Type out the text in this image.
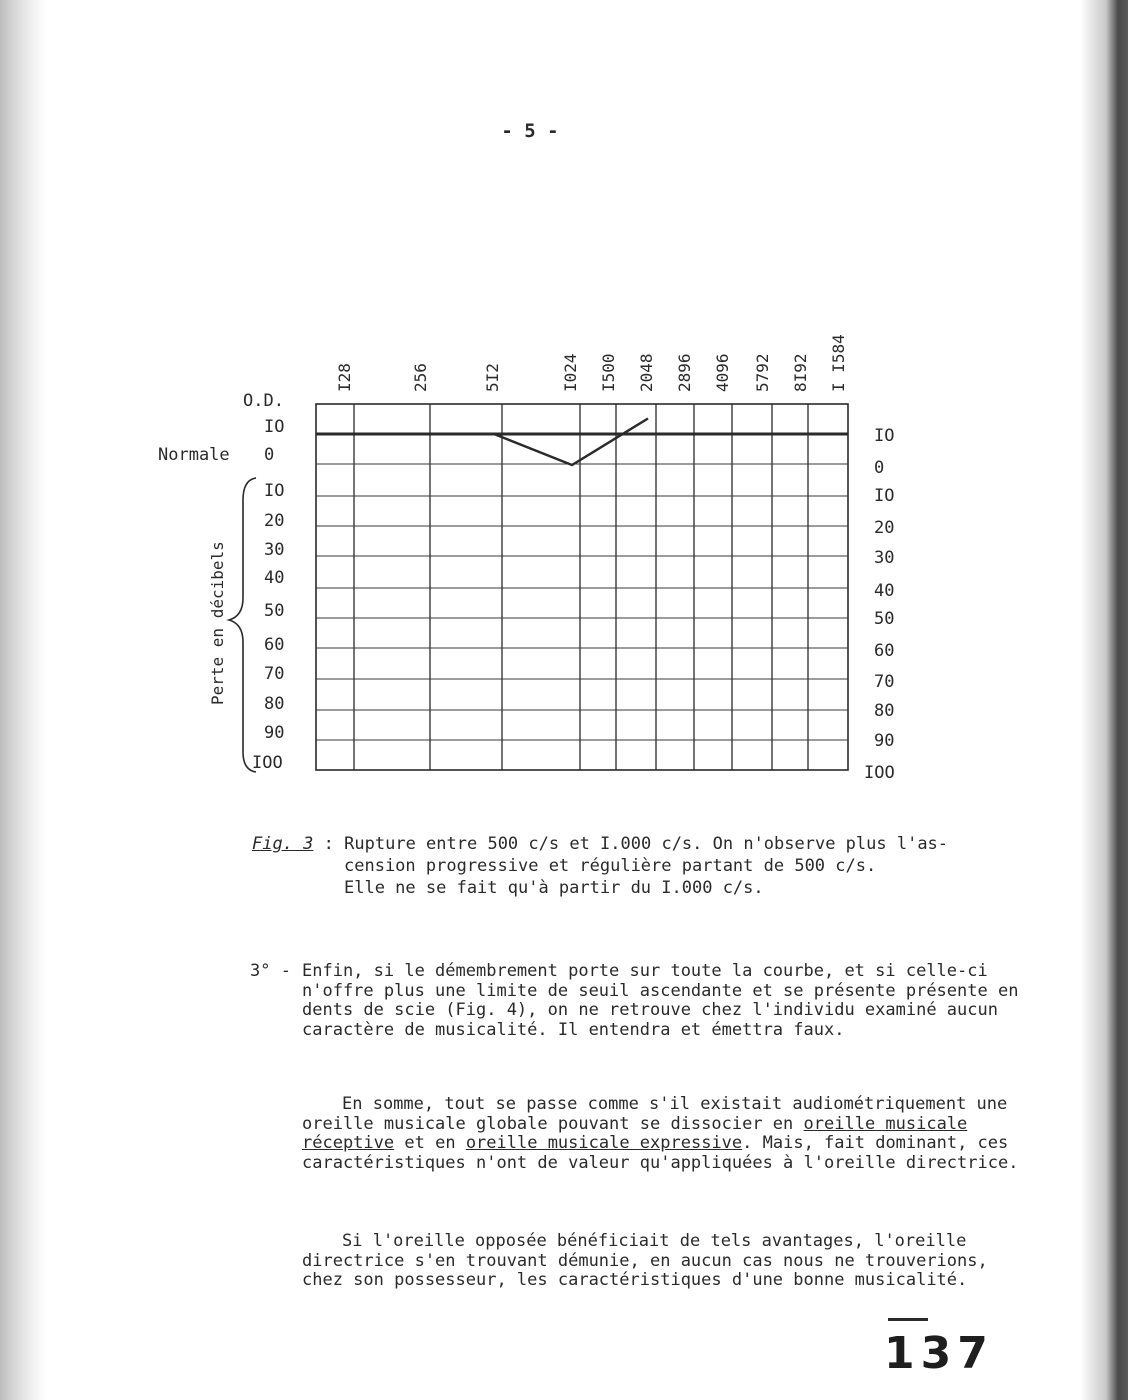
- 5 -
I28	256	5I2	I024 I500 2048 2896 4096 5792 8I92 I I584
IO
0
IO
20
30
40
50
60
70
80
90
IOO
IO
0
IO
20
30
40
50
60
70
80
90
IOO
O.D.
Normale
Perte en décibels
Fig. 3 : Rupture entre 500 c/s et I.000 c/s. On n'observe plus l'as-
cension progressive et régulière partant de 500 c/s.
Elle ne se fait qu'à partir du I.000 c/s.
3° - Enfin, si le démembrement porte sur toute la courbe, et si celle-ci n'offre plus une limite de seuil ascendante et se présente présente en dents de scie (Fig. 4), on ne retrouve chez l'individu examiné aucun caractère de musicalité. Il entendra et émettra faux.
En somme, tout se passe comme s'il existait audiométriquement une oreille musicale globale pouvant se dissocier en oreille musicale réceptive et en oreille musicale expressive. Mais, fait dominant, ces caractéristiques n'ont de valeur qu'appliquées à l'oreille directrice.
Si l'oreille opposée bénéficiait de tels avantages, l'oreille directrice s'en trouvant démunie, en aucun cas nous ne trouverions, chez son possesseur, les caractéristiques d'une bonne musicalité.
137
